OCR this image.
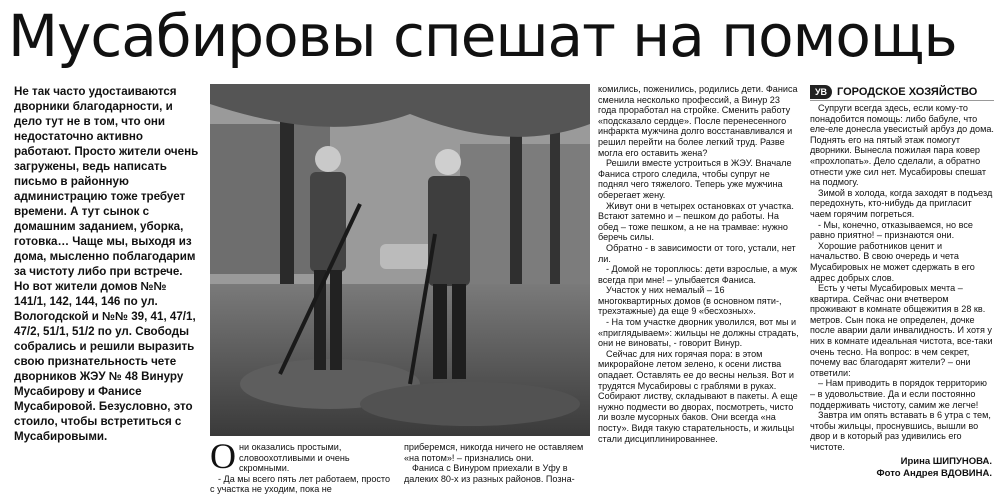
Мусабировы спешат на помощь

Не так часто удостаиваются дворники благодарности, и дело тут не в том, что они недостаточно активно работают. Просто жители очень загружены, ведь написать письмо в районную администрацию тоже требует времени. А тут сынок с домашним заданием, уборка, готовка… Чаще мы, выходя из дома, мысленно поблагодарим за чистоту либо при встрече. Но вот жители домов №№ 141/1, 142, 144, 146 по ул. Вологодской и №№ 39, 41, 47/1, 47/2, 51/1, 51/2 по ул. Свободы собрались и решили выразить свою признательность чете дворников ЖЭУ № 48 Винуру Мусабирову и Фанисе Мусабировой. Безусловно, это стоило, чтобы встретиться с Мусабировыми.	О ни оказались простыми, словоохотливыми и очень скромными.

- Да мы всего пять лет работаем, просто с участка не уходим, пока не

приберемся, никогда ничего не оставляем «на потом»! – признались они.

Фаниса с Винуром приехали в Уфу в далеких 80-х из разных районов. Позна-

комились, поженились, родились дети. Фаниса сменила несколько профессий, а Винур 23 года проработал на стройке. Сменить работу «подсказало сердце». После перенесенного инфаркта мужчина долго восстанавливался и решил перейти на более легкий труд. Разве могла его оставить жена?

Решили вместе устроиться в ЖЭУ. Вначале Фаниса строго следила, чтобы супруг не поднял чего тяжелого. Теперь уже мужчина оберегает жену.

Живут они в четырех остановках от участка. Встают затемно и – пешком до работы. На обед – тоже пешком, а не на трамвае: нужно беречь силы.

Обратно - в зависимости от того, устали, нет ли.

- Домой не тороплюсь: дети взрослые, а муж всегда при мне! – улыбается Фаниса.

Участок у них немалый – 16 многоквартирных домов (в основном пяти-, трехэтажные) да еще 9 «бесхозных».

- На том участке дворник уволился, вот мы и «приглядываем»: жильцы не должны страдать, они не виноваты, - говорит Винур.

Сейчас для них горячая пора: в этом микрорайоне летом зелено, к осени листва опадает. Оставлять ее до весны нельзя. Вот и трудятся Мусабировы с граблями в руках. Собирают листву, складывают в пакеты. А еще нужно подмести во дворах, посмотреть, чисто ли возле мусорных баков. Они всегда «на посту». Видя такую старательность, и жильцы стали дисциплинированнее.

УВ ГОРОДСКОЕ ХОЗЯЙСТВО

Супруги всегда здесь, если кому-то понадобится помощь: либо бабуле, что еле-еле донесла увесистый арбуз до дома. Поднять его на пятый этаж помогут дворники. Вынесла пожилая пара ковер «прохлопать». Дело сделали, а обратно отнести уже сил нет. Мусабировы спешат на подмогу.

Зимой в холода, когда заходят в подъезд передохнуть, кто-нибудь да пригласит чаем горячим погреться.

- Мы, конечно, отказываемся, но все равно приятно! – признаются они.

Хорошие работников ценит и начальство. В свою очередь и чета Мусабировых не может сдержать в его адрес добрых слов.

Есть у четы Мусабировых мечта – квартира. Сейчас они вчетвером проживают в комнате общежития в 28 кв. метров. Сын пока не определен, дочке после аварии дали инвалидность. И хотя у них в комнате идеальная чистота, все-таки очень тесно. На вопрос: в чем секрет, почему вас благодарят жители? – они ответили:

– Нам приводить в порядок территорию – в удовольствие. Да и если постоянно поддерживать чистоту, самим же легче!

Завтра им опять вставать в 6 утра с тем, чтобы жильцы, проснувшись, вышли во двор и в который раз удивились его чистоте.

Ирина ШИПУНОВА.
Фото Андрея ВДОВИНА.
